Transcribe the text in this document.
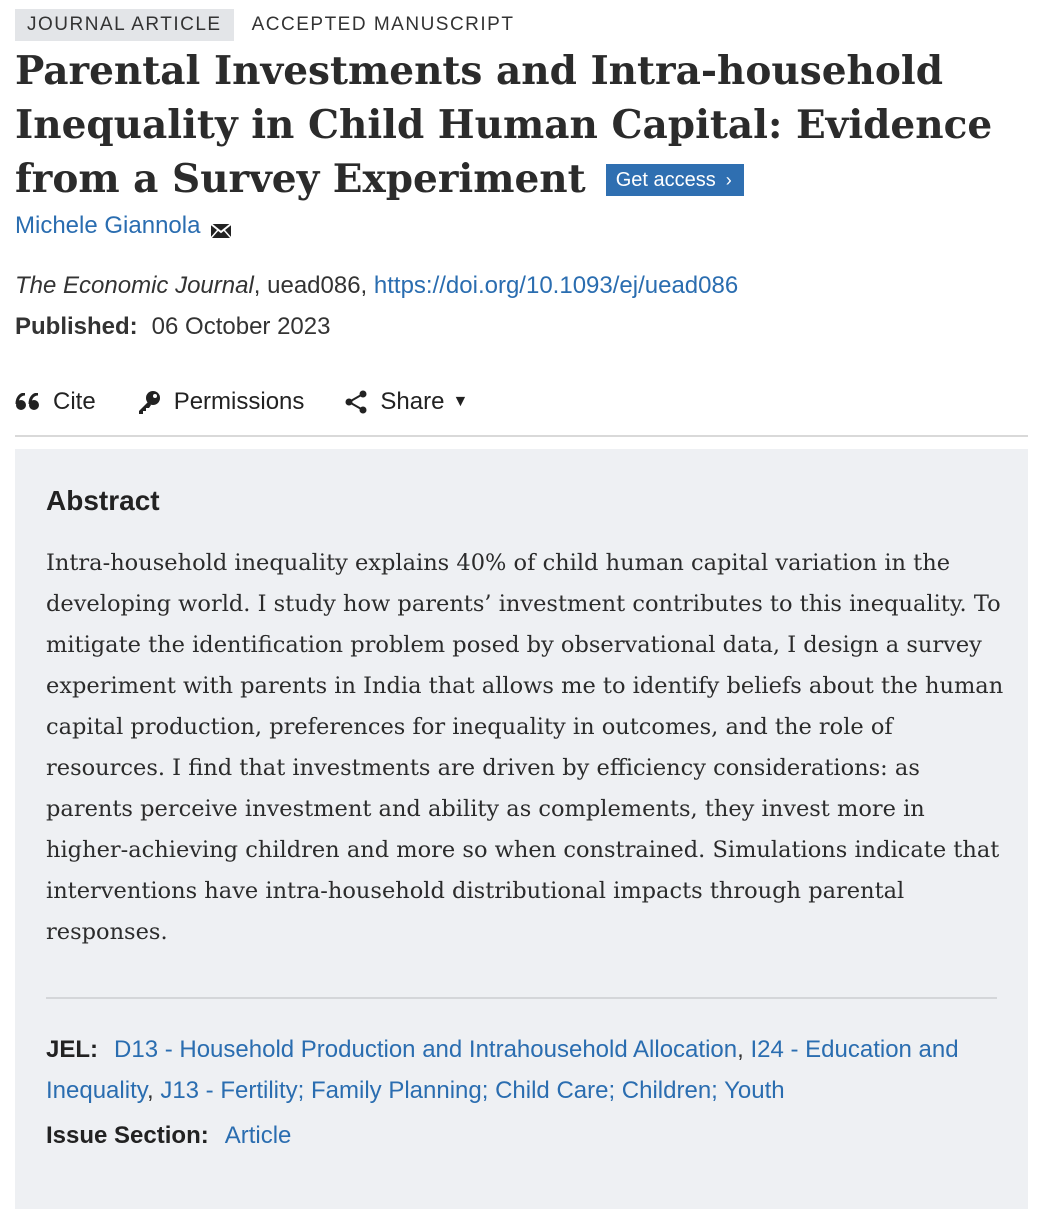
JOURNAL ARTICLE	ACCEPTED MANUSCRIPT
Parental Investments and Intra-household Inequality in Child Human Capital: Evidence from a Survey Experiment Get access ›
Michele Giannola
The Economic Journal, uead086, https://doi.org/10.1093/ej/uead086
Published: 06 October 2023
Cite	Permissions	Share ▼
Abstract

Intra-household inequality explains 40% of child human capital variation in the developing world. I study how parents’ investment contributes to this inequality. To mitigate the identification problem posed by observational data, I design a survey experiment with parents in India that allows me to identify beliefs about the human capital production, preferences for inequality in outcomes, and the role of resources. I find that investments are driven by efficiency considerations: as parents perceive investment and ability as complements, they invest more in higher-achieving children and more so when constrained. Simulations indicate that interventions have intra-household distributional impacts through parental responses.

JEL: D13 - Household Production and Intrahousehold Allocation, I24 - Education and Inequality, J13 - Fertility; Family Planning; Child Care; Children; Youth
Issue Section: Article
